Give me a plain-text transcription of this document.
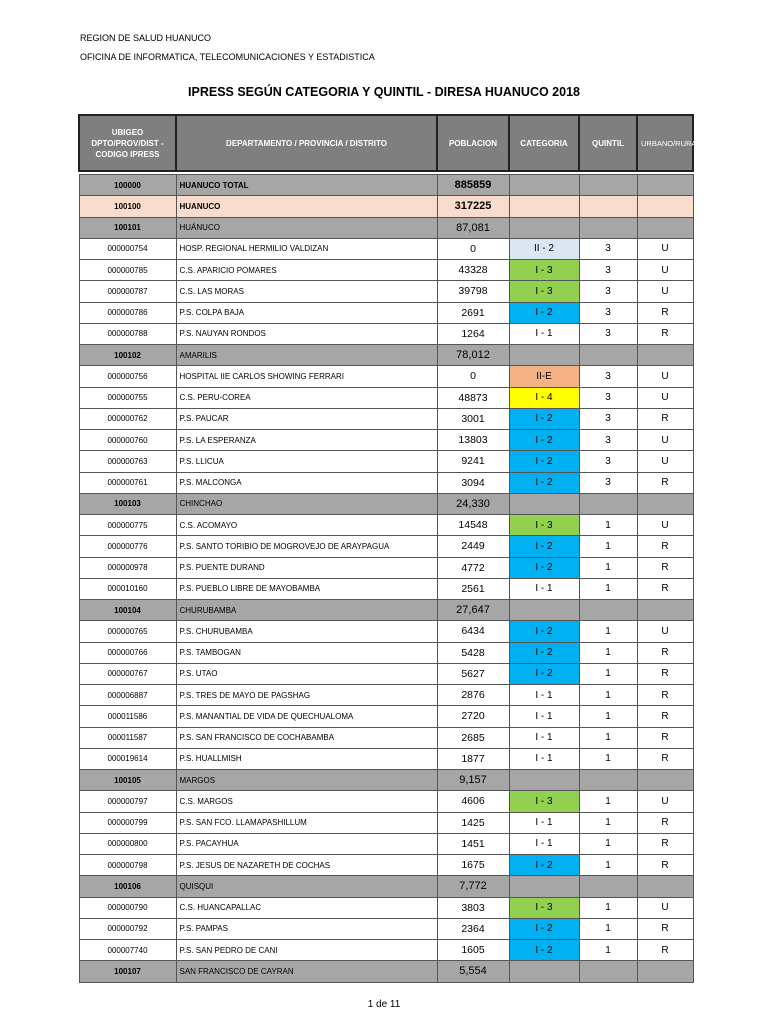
REGION DE SALUD HUANUCO
OFICINA DE INFORMATICA, TELECOMUNICACIONES Y ESTADISTICA
IPRESS SEGÚN CATEGORIA Y QUINTIL - DIRESA HUANUCO 2018
UBIGEO DPTO/PROV/DIST - CODIGO IPRESS	DEPARTAMENTO / PROVINCIA / DISTRITO	POBLACION	CATEGORIA	QUINTIL	URBANO/RURAL

100000	HUANUCO TOTAL	885859			
100100	HUANUCO	317225			
100101	HUÁNUCO	87,081			
000000754	HOSP. REGIONAL HERMILIO VALDIZAN	0	II - 2	3	U
000000785	C.S. APARICIO POMARES	43328	I - 3	3	U
000000787	C.S. LAS MORAS	39798	I - 3	3	U
000000786	P.S. COLPA BAJA	2691	I - 2	3	R
000000788	P.S. NAUYAN RONDOS	1264	I - 1	3	R
100102	AMARILIS	78,012			
000000756	HOSPITAL IIE CARLOS SHOWING FERRARI	0	II-E	3	U
000000755	C.S. PERU-COREA	48873	I - 4	3	U
000000762	P.S. PAUCAR	3001	I - 2	3	R
000000760	P.S. LA ESPERANZA	13803	I - 2	3	U
000000763	P.S. LLICUA	9241	I - 2	3	U
000000761	P.S. MALCONGA	3094	I - 2	3	R
100103	CHINCHAO	24,330			
000000775	C.S. ACOMAYO	14548	I - 3	1	U
000000776	P.S. SANTO TORIBIO DE MOGROVEJO DE ARAYPAGUA	2449	I - 2	1	R
000000978	P.S. PUENTE DURAND	4772	I - 2	1	R
000010160	P.S. PUEBLO LIBRE DE MAYOBAMBA	2561	I - 1	1	R
100104	CHURUBAMBA	27,647			
000000765	P.S. CHURUBAMBA	6434	I - 2	1	U
000000766	P.S. TAMBOGAN	5428	I - 2	1	R
000000767	P.S. UTAO	5627	I - 2	1	R
000006887	P.S. TRES DE MAYO DE PAGSHAG	2876	I - 1	1	R
000011586	P.S. MANANTIAL DE VIDA DE QUECHUALOMA	2720	I - 1	1	R
000011587	P.S. SAN FRANCISCO DE COCHABAMBA	2685	I - 1	1	R
000019614	P.S. HUALLMISH	1877	I - 1	1	R
100105	MARGOS	9,157			
000000797	C.S. MARGOS	4606	I - 3	1	U
000000799	P.S. SAN FCO. LLAMAPASHILLUM	1425	I - 1	1	R
000000800	P.S. PACAYHUA	1451	I - 1	1	R
000000798	P.S. JESUS DE NAZARETH DE COCHAS	1675	I - 2	1	R
100106	QUISQUI	7,772			
000000790	C.S. HUANCAPALLAC	3803	I - 3	1	U
000000792	P.S. PAMPAS	2364	I - 2	1	R
000007740	P.S. SAN PEDRO DE CANI	1605	I - 2	1	R
100107	SAN FRANCISCO DE CAYRAN	5,554			
1 de 11
